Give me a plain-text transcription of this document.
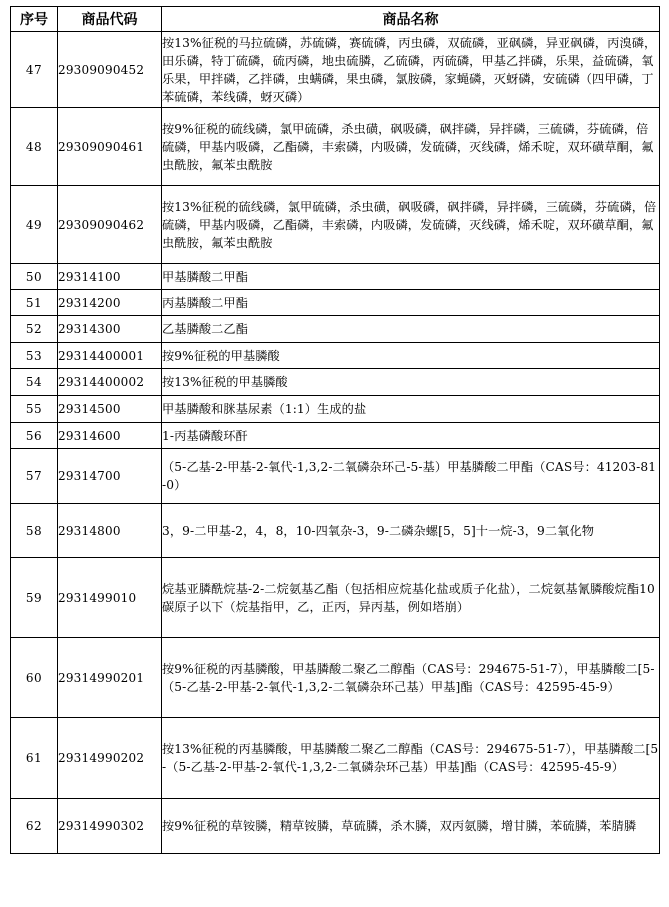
序号	商品代码	商品名称
47	29309090452	按13%征税的马拉硫磷，苏硫磷，赛硫磷，丙虫磷，双硫磷，亚砜磷，异亚砜磷，丙溴磷，田乐磷，特丁硫磷，硫丙磷，地虫硫膦，乙硫磷，丙硫磷，甲基乙拌磷，乐果，益硫磷，氧乐果，甲拌磷，乙拌磷，虫螨磷，果虫磷，氯胺磷，家蝇磷，灭蚜磷，安硫磷（四甲磷，丁苯硫磷，苯线磷，蚜灭磷）
48	29309090461	按9%征税的硫线磷，氯甲硫磷，杀虫磺，砜吸磷，砜拌磷，异拌磷，三硫磷，芬硫磷，倍硫磷，甲基内吸磷，乙酯磷，丰索磷，内吸磷，发硫磷，灭线磷，烯禾啶，双环磺草酮，氟虫酰胺，氟苯虫酰胺
49	29309090462	按13%征税的硫线磷，氯甲硫磷，杀虫磺，砜吸磷，砜拌磷，异拌磷，三硫磷，芬硫磷，倍硫磷，甲基内吸磷，乙酯磷，丰索磷，内吸磷，发硫磷，灭线磷，烯禾啶，双环磺草酮，氟虫酰胺，氟苯虫酰胺
50	29314100	甲基膦酸二甲酯
51	29314200	丙基膦酸二甲酯
52	29314300	乙基膦酸二乙酯
53	29314400001	按9%征税的甲基膦酸
54	29314400002	按13%征税的甲基膦酸
55	29314500	甲基膦酸和脒基尿素（1:1）生成的盐
56	29314600	1-丙基磷酸环酐
57	29314700	（5-乙基-2-甲基-2-氧代-1,3,2-二氧磷杂环己-5-基）甲基膦酸二甲酯（CAS号：41203-81-0）
58	29314800	3，9-二甲基-2，4，8，10-四氧杂-3，9-二磷杂螺[5，5]十一烷-3，9二氧化物
59	2931499010	烷基亚膦酰烷基-2-二烷氨基乙酯（包括相应烷基化盐或质子化盐），二烷氨基氰膦酸烷酯10碳原子以下（烷基指甲，乙，正丙，异丙基，例如塔崩）
60	29314990201	按9%征税的丙基膦酸，甲基膦酸二聚乙二醇酯（CAS号：294675-51-7），甲基膦酸二[5-（5-乙基-2-甲基-2-氧代-1,3,2-二氧磷杂环己基）甲基]酯（CAS号：42595-45-9）
61	29314990202	按13%征税的丙基膦酸，甲基膦酸二聚乙二醇酯（CAS号：294675-51-7），甲基膦酸二[5-（5-乙基-2-甲基-2-氧代-1,3,2-二氧磷杂环己基）甲基]酯（CAS号：42595-45-9）
62	29314990302	按9%征税的草铵膦，精草铵膦，草硫膦，杀木膦，双丙氨膦，增甘膦，苯硫膦，苯腈膦
